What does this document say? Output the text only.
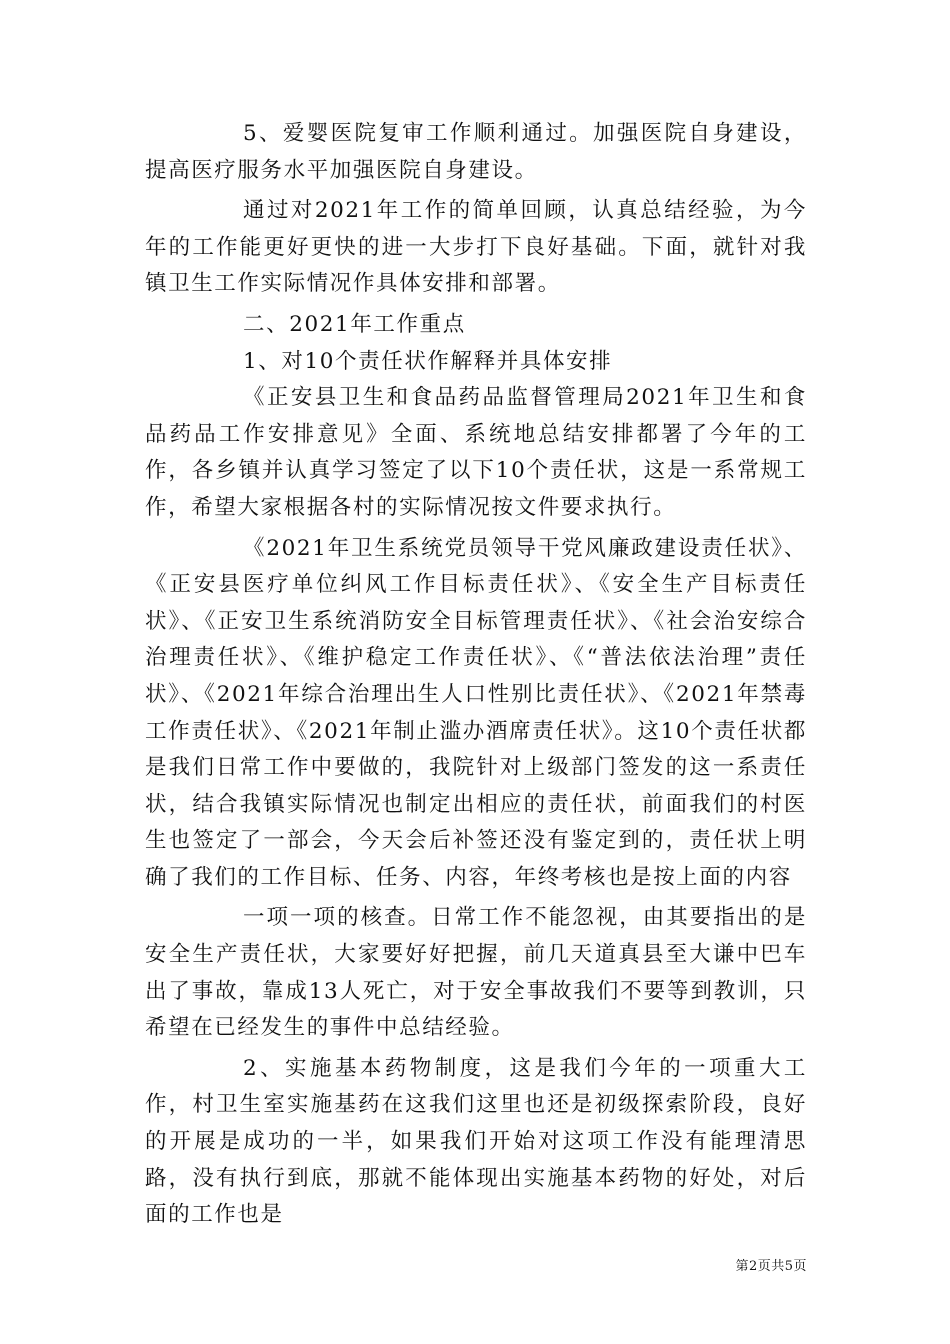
5、爱婴医院复审工作顺利通过。加强医院自身建设，提高医疗服务水平加强医院自身建设。

通过对2021年工作的简单回顾，认真总结经验，为今年的工作能更好更快的进一大步打下良好基础。下面，就针对我镇卫生工作实际情况作具体安排和部署。

二、2021年工作重点

1、对10个责任状作解释并具体安排

《正安县卫生和食品药品监督管理局2021年卫生和食品药品工作安排意见》全面、系统地总结安排都署了今年的工作，各乡镇并认真学习签定了以下10个责任状，这是一系常规工作，希望大家根据各村的实际情况按文件要求执行。

《2021年卫生系统党员领导干党风廉政建设责任状》、《正安县医疗单位纠风工作目标责任状》、《安全生产目标责任状》、《正安卫生系统消防安全目标管理责任状》、《社会治安综合治理责任状》、《维护稳定工作责任状》、《“普法依法治理”责任状》、《2021年综合治理出生人口性别比责任状》、《2021年禁毒工作责任状》、《2021年制止滥办酒席责任状》。这10个责任状都是我们日常工作中要做的，我院针对上级部门签发的这一系责任状，结合我镇实际情况也制定出相应的责任状，前面我们的村医生也签定了一部会，今天会后补签还没有鉴定到的，责任状上明确了我们的工作目标、任务、内容，年终考核也是按上面的内容

一项一项的核查。日常工作不能忽视，由其要指出的是安全生产责任状，大家要好好把握，前几天道真县至大谦中巴车出了事故，靠成13人死亡，对于安全事故我们不要等到教训，只希望在已经发生的事件中总结经验。

2、实施基本药物制度，这是我们今年的一项重大工作，村卫生室实施基药在这我们这里也还是初级探索阶段，良好的开展是成功的一半，如果我们开始对这项工作没有能理清思路，没有执行到底，那就不能体现出实施基本药物的好处，对后面的工作也是

第2页共5页
